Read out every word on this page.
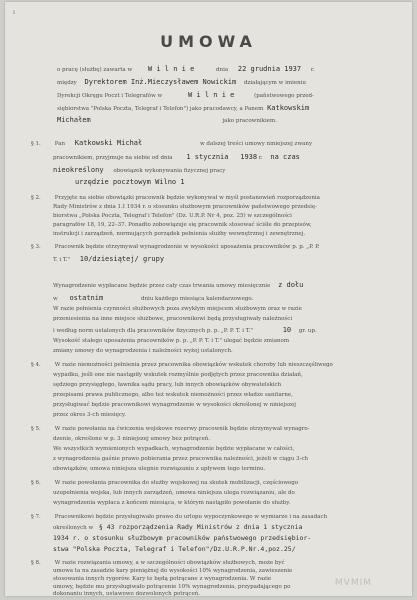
I
UMOWA
o pracę (służbę) zawarta w W i l n i e	dnia 22 grudnia 1937 r.
między Dyrektorem Inż.Mieczysławem Nowickim działającym w imieniu
Dyrekcji Okręgu Poczt i Telegrafów w	W i l n i e	(państwowego przed-
siębiorstwa "Polska Poczta, Telegraf i Telefon") jako pracodawcy, a Panem Katkowskim
Michałem	jako pracownikiem.
§ 1.	Pan Katkowski Michał	w dalszej treści umowy niniejszej zwany
pracownikiem, przyjmuje na siebie od dnia 1 stycznia 1938 r. na czas
nieokreślony obowiązek wykonywania fizycznej pracy
urzędzie pocztowym Wilno 1
§ 2.	Przyjęte na siebie obowiązki pracownik będzie wykonywał w myśl postanowień rozporządzenia
Rady Ministrów z dnia 1.I 1934 r. o stosunku służbowym pracowników państwowego przedsię-
biorstwa „Polska Poczta, Telegraf i Telefon" (Dz. U.R.P. Nr 4, poz. 25) w szczególności
paragrafów 18, 19, 22–37. Ponadto zobowiązuje się pracownik stosować ściśle do przepisów,
instrukcji i zarządzeń, normujących porządek pełnienia służby wewnętrznej i zewnętrznej.
§ 3.	Pracownik będzie otrzymywał wynagrodzenie w wysokości uposażenia pracowników p. p. „P. P.
T. i T." 10/dziesiątej/ grupy
Wynagrodzenie wypłacane będzie przez cały czas trwania umowy miesięcznie z dołu
w ostatnim	dniu każdego miesiąca kalendarzowego.
W razie pełnienia czynności służbowych poza zwykłym miejscem służbowym oraz w razie
przeniesienia na inne miejsce służbowe, pracownikowi będą przysługiwały należności
i według norm ustalonych dla pracowników fizycznych p. p. „P. P. T. i T."	10 gr. up.
Wysokość stałego uposażenia pracowników p. p. „P. P. T. i T." ulegać będzie zmianom
zmiany umowy do wynagrodzenia i należności wyżej ustalonych.
§ 4.	W razie niemożności pełnienia przez pracownika obowiązków wskutek choroby lub nieszczęśliwego
wypadku, jeśli one nie nastąpiły wskutek rozmyślnie podjętych przez pracownika działań,
sędziego przysięgłego, ławnika sądu pracy, lub innych obowiązków obywatelskich
przepisami prawa publicznego, albo też wskutek niemożności przez władze sanitarne,
przysługiwać będzie pracownikowi wynagrodzenie w wysokości określonej w niniejszej
przez okres 3-ch miesięcy.
§ 5.	W razie powołania na ćwiczenia wojskowe rezerwy pracownik będzie otrzymywał wynagro-
dzenie, określone w p. 3 niniejszej umowy bez potrąceń.
We wszystkich wymienionych wypadkach, wynagrodzenie będzie wypłacane w całości,
z wynagrodzenia gaśnie prawo pobierania przez pracownika należności, jeżeli w ciągu 3-ch
obowiązków, umowa niniejsza ulegnie rozwiązaniu z upływem tego terminu.
§ 6.	W razie powołania pracownika do służby wojskowej na skutek mobilizacji, częściowego
uzupełnienia wojska, lub innych zarządzeń, umowa niniejsza ulega rozwiązaniu, ale do
wynagrodzenia wypłaca z końcem miesiąca, w którym nastąpiło powołanie do służby.
§ 7.	Pracownikowi będzie przysługiwało prawo do urlopu wypoczynkowego w wymiarze i na zasadach
określonych w § 43 rozporządzenia Rady Ministrów z dnia 1 stycznia
1934 r. o stosunku służbowym pracowników państwowego przedsiębior-
stwa "Polska Poczta, Telegraf i Telefon"/Dz.U.R.P.Nr.4,poz.25/
§ 8.	W razie rozwiązania umowy, a w szczególności obowiązków służbowych, może być
umowa ta na zasadzie kary pieniężnej do wysokości 10% wynagrodzenia, zawieszenie
stosowania innych rygorów. Kary te będą potrącane z wynagrodzenia. W razie
umowy, będzie mu przysługiwało potrącenie 10% wynagrodzenia, przypadającego po
dokonaniu innych, ustawowo dozwolonych potrąceń.
MVMIM
